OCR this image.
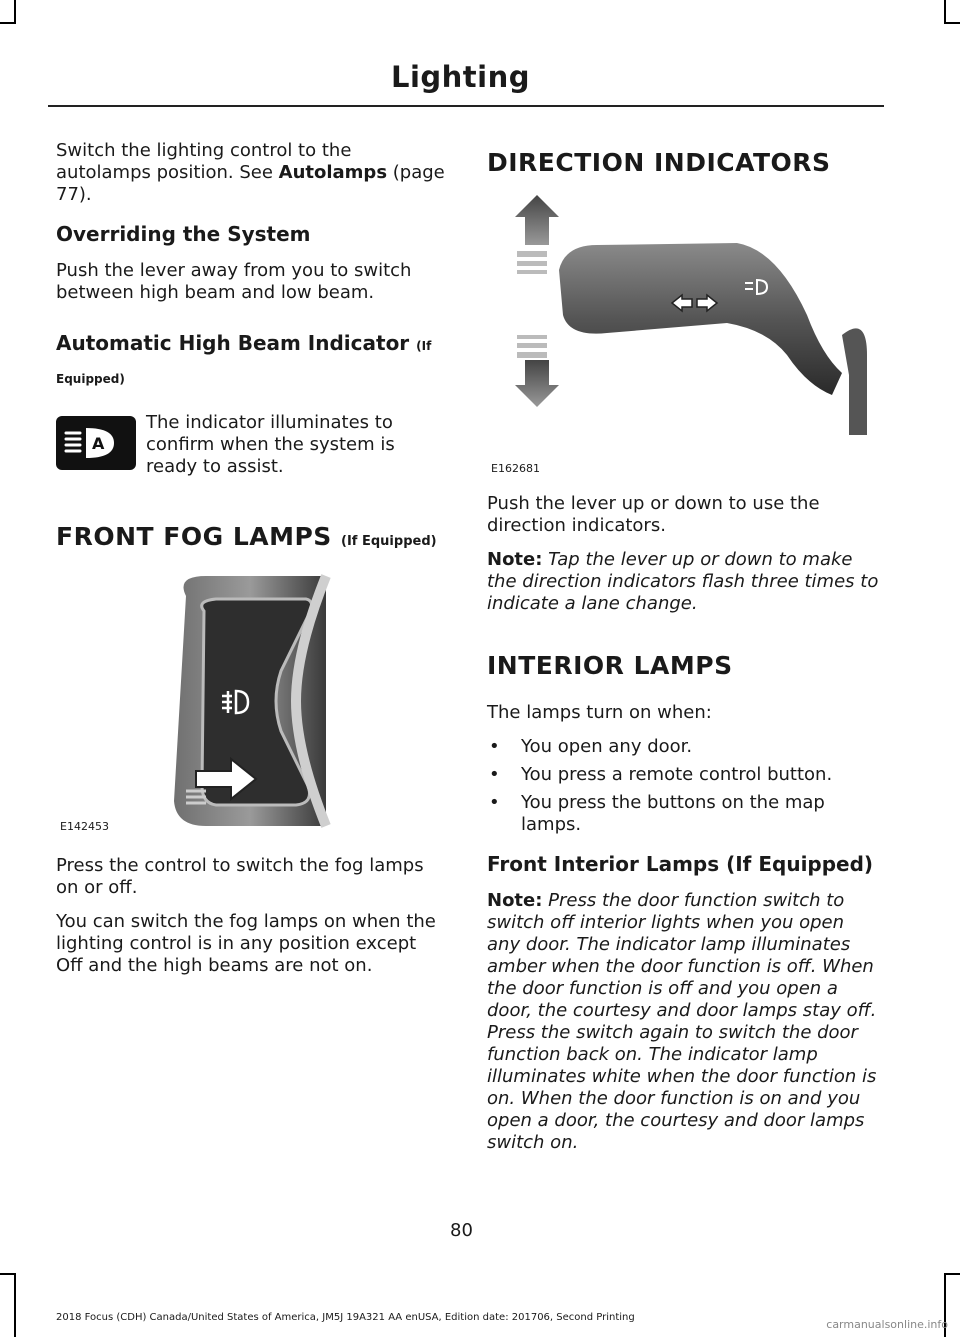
Lighting

Switch the lighting control to the autolamps position. See Autolamps (page 77).

Overriding the System

Push the lever away from you to switch between high beam and low beam.

Automatic High Beam Indicator (If Equipped)
A

The indicator illuminates to confirm when the system is ready to assist.

FRONT FOG LAMPS (If Equipped)
E142453

Press the control to switch the fog lamps on or off.

You can switch the fog lamps on when the lighting control is in any position except Off and the high beams are not on.

DIRECTION INDICATORS
E162681

Push the lever up or down to use the direction indicators.

Note: Tap the lever up or down to make the direction indicators flash three times to indicate a lane change.

INTERIOR LAMPS

The lamps turn on when:

• You open any door.
• You press a remote control button.
• You press the buttons on the map lamps.
Front Interior Lamps (If Equipped)

Note: Press the door function switch to switch off interior lights when you open any door. The indicator lamp illuminates amber when the door function is off. When the door function is off and you open a door, the courtesy and door lamps stay off. Press the switch again to switch the door function back on. The indicator lamp illuminates white when the door function is on. When the door function is on and you open a door, the courtesy and door lamps switch on.

80
2018 Focus (CDH) Canada/United States of America, JM5J 19A321 AA enUSA, Edition date: 201706, Second Printing
carmanualsonline.info
